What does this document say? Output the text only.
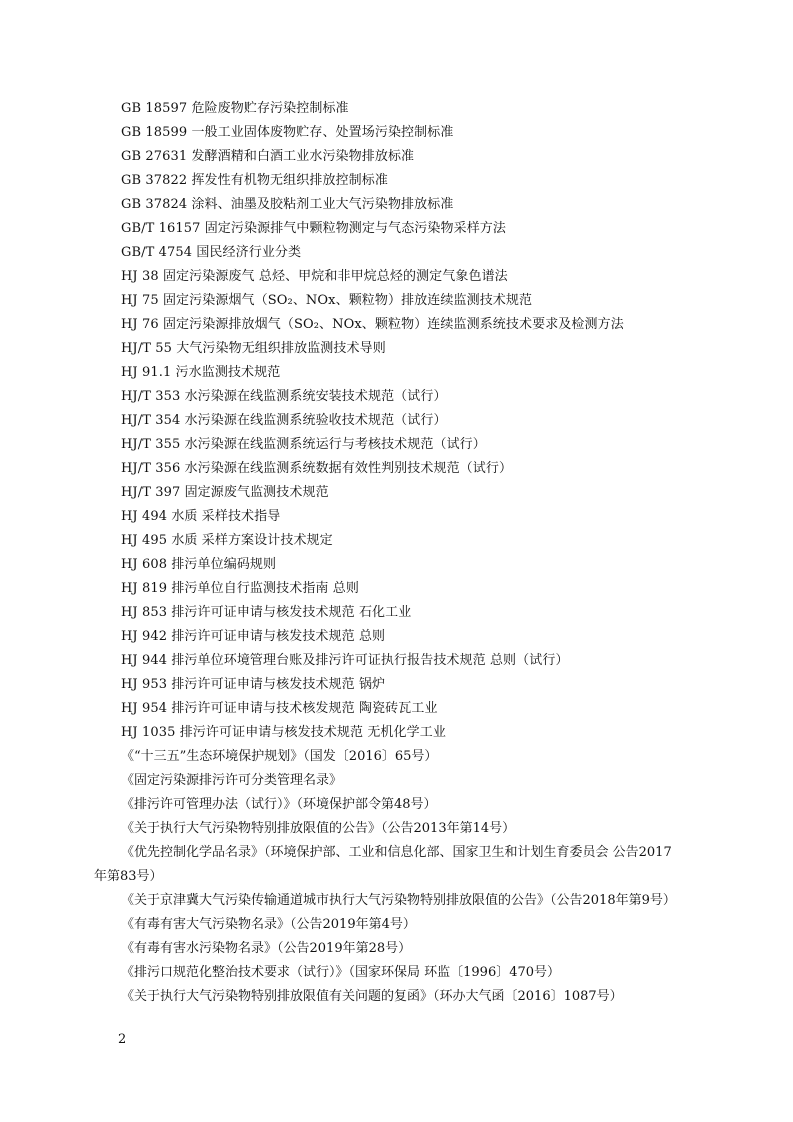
GB 18597 危险废物贮存污染控制标准
GB 18599 一般工业固体废物贮存、处置场污染控制标准
GB 27631 发酵酒精和白酒工业水污染物排放标准
GB 37822 挥发性有机物无组织排放控制标准
GB 37824 涂料、油墨及胶粘剂工业大气污染物排放标准
GB/T 16157 固定污染源排气中颗粒物测定与气态污染物采样方法
GB/T 4754 国民经济行业分类
HJ 38 固定污染源废气 总烃、甲烷和非甲烷总烃的测定气象色谱法
HJ 75 固定污染源烟气（SO₂、NOx、颗粒物）排放连续监测技术规范
HJ 76 固定污染源排放烟气（SO₂、NOx、颗粒物）连续监测系统技术要求及检测方法
HJ/T 55 大气污染物无组织排放监测技术导则
HJ 91.1 污水监测技术规范
HJ/T 353 水污染源在线监测系统安装技术规范（试行）
HJ/T 354 水污染源在线监测系统验收技术规范（试行）
HJ/T 355 水污染源在线监测系统运行与考核技术规范（试行）
HJ/T 356 水污染源在线监测系统数据有效性判别技术规范（试行）
HJ/T 397 固定源废气监测技术规范
HJ 494 水质 采样技术指导
HJ 495 水质 采样方案设计技术规定
HJ 608 排污单位编码规则
HJ 819 排污单位自行监测技术指南 总则
HJ 853 排污许可证申请与核发技术规范 石化工业
HJ 942 排污许可证申请与核发技术规范 总则
HJ 944 排污单位环境管理台账及排污许可证执行报告技术规范 总则（试行）
HJ 953 排污许可证申请与核发技术规范 锅炉
HJ 954 排污许可证申请与技术核发规范 陶瓷砖瓦工业
HJ 1035 排污许可证申请与核发技术规范 无机化学工业
《“十三五”生态环境保护规划》（国发〔2016〕65号）
《固定污染源排污许可分类管理名录》
《排污许可管理办法（试行）》（环境保护部令第48号）
《关于执行大气污染物特别排放限值的公告》（公告2013年第14号）
《优先控制化学品名录》（环境保护部、工业和信息化部、国家卫生和计划生育委员会 公告2017
年第83号）
《关于京津冀大气污染传输通道城市执行大气污染物特别排放限值的公告》（公告2018年第9号）
《有毒有害大气污染物名录》（公告2019年第4号）
《有毒有害水污染物名录》（公告2019年第28号）
《排污口规范化整治技术要求（试行）》（国家环保局 环监〔1996〕470号）
《关于执行大气污染物特别排放限值有关问题的复函》（环办大气函〔2016〕1087号）
2
